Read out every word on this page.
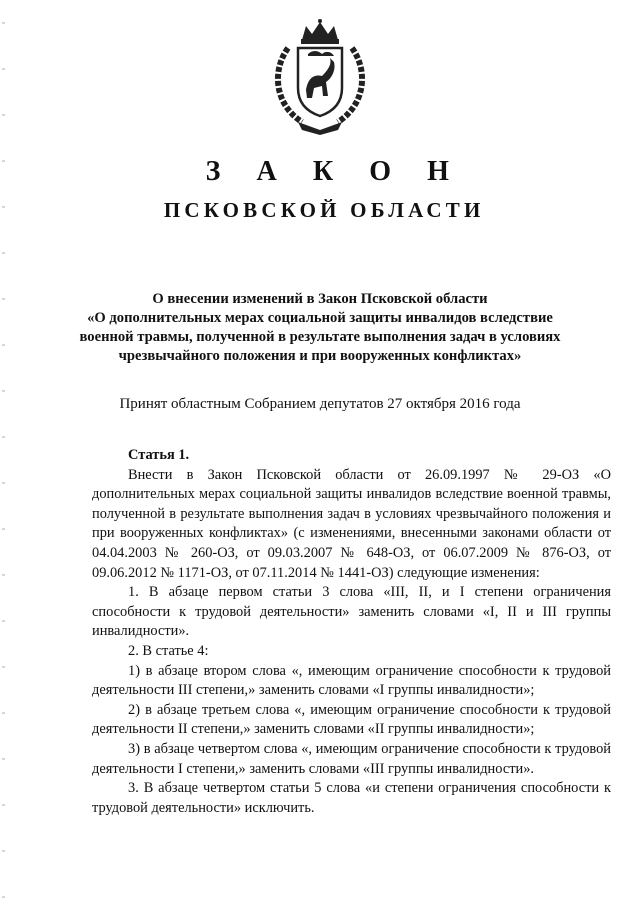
З А К О Н
ПСКОВСКОЙ ОБЛАСТИ
О внесении изменений в Закон Псковской области
«О дополнительных мерах социальной защиты инвалидов вследствие
военной травмы, полученной в результате выполнения задач в условиях
чрезвычайного положения и при вооруженных конфликтах»
Принят областным Собранием депутатов 27 октября 2016 года

Статья 1.

Внести в Закон Псковской области от 26.09.1997 № 29-ОЗ «О дополнительных мерах социальной защиты инвалидов вследствие военной травмы, полученной в результате выполнения задач в условиях чрезвычайного положения и при вооруженных конфликтах» (с изменениями, внесенными законами области от 04.04.2003 № 260-ОЗ, от 09.03.2007 № 648-ОЗ, от 06.07.2009 № 876-ОЗ, от 09.06.2012 № 1171-ОЗ, от 07.11.2014 № 1441-ОЗ) следующие изменения:

1. В абзаце первом статьи 3 слова «III, II, и I степени ограничения способности к трудовой деятельности» заменить словами «I, II и III группы инвалидности».

2. В статье 4:

1) в абзаце втором слова «, имеющим ограничение способности к трудовой деятельности III степени,» заменить словами «I группы инвалидности»;

2) в абзаце третьем слова «, имеющим ограничение способности к трудовой деятельности II степени,» заменить словами «II группы инвалидности»;

3) в абзаце четвертом слова «, имеющим ограничение способности к трудовой деятельности I степени,» заменить словами «III группы инвалидности».

3. В абзаце четвертом статьи 5 слова «и степени ограничения способности к трудовой деятельности» исключить.
